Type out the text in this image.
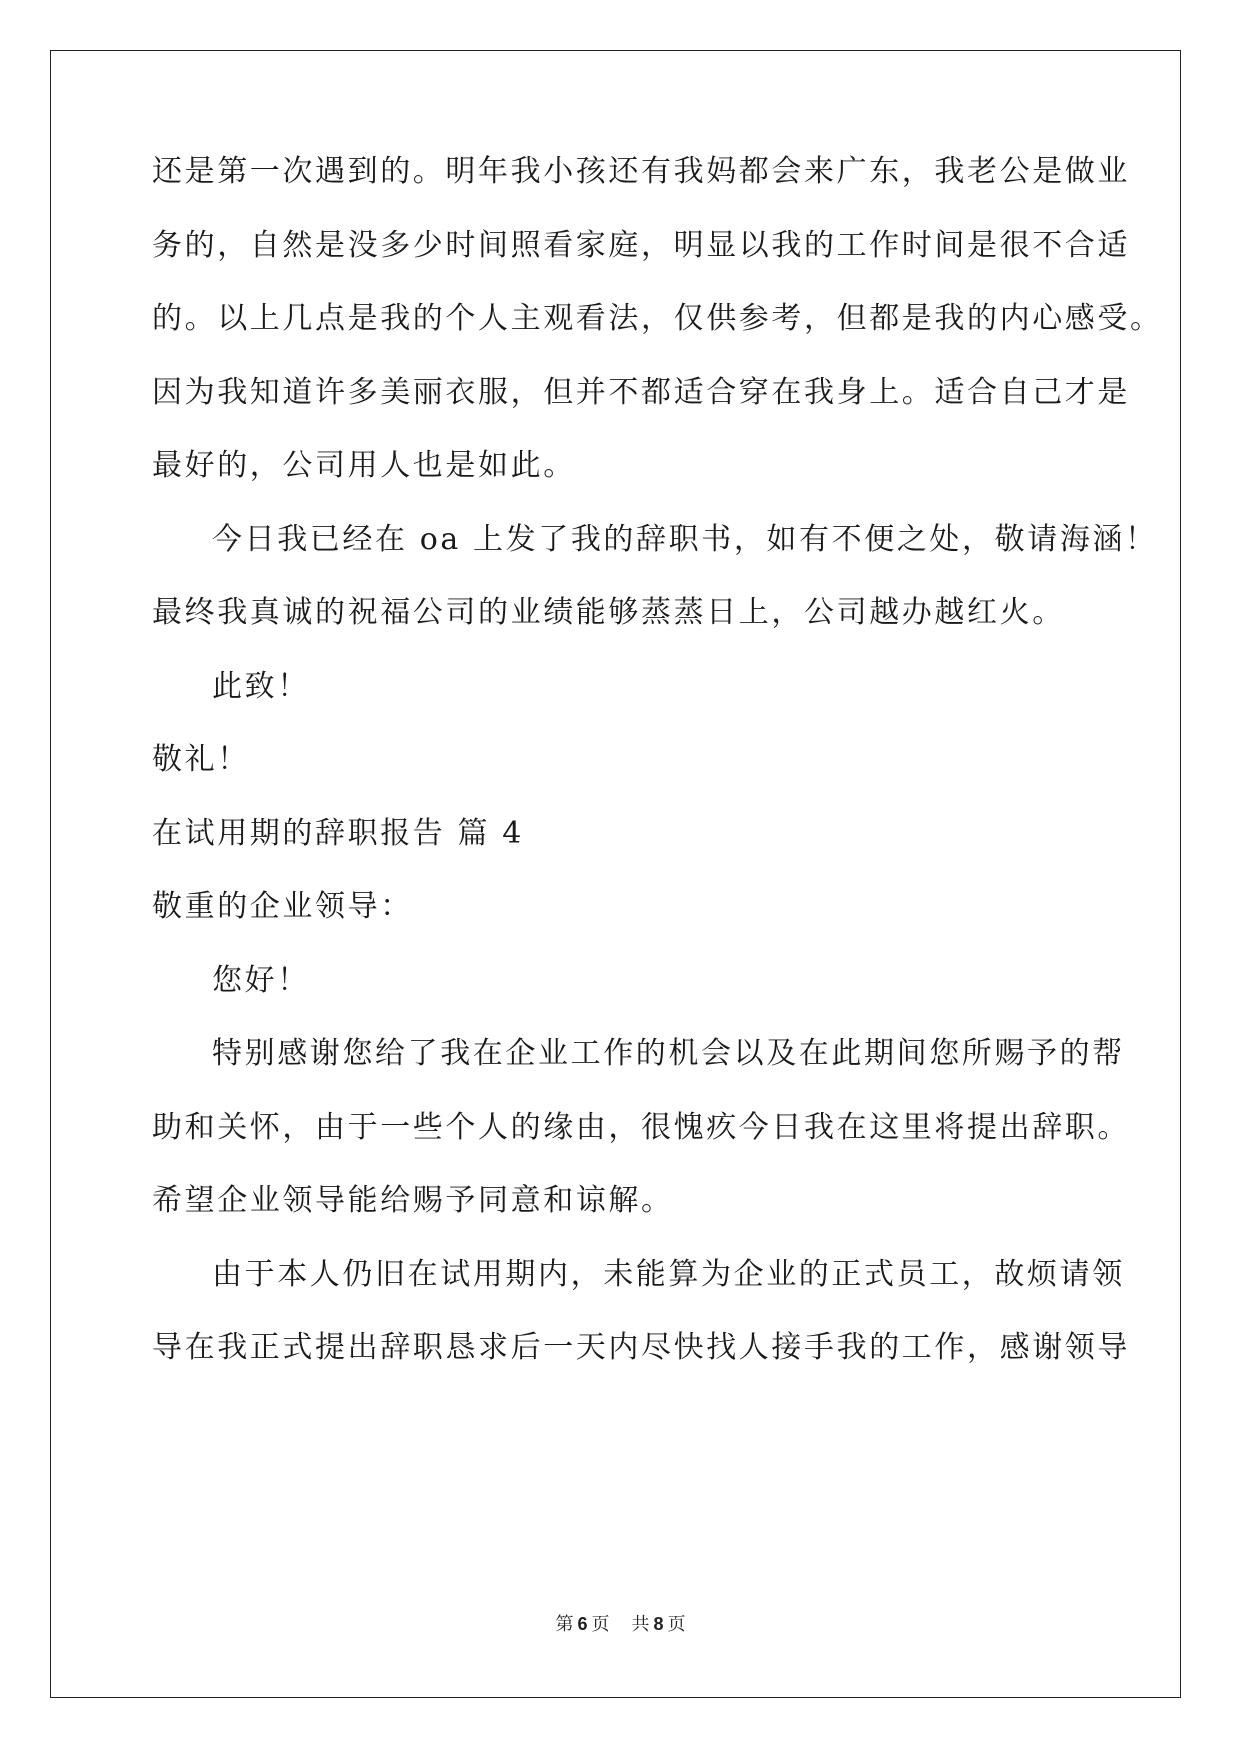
还是第一次遇到的。明年我小孩还有我妈都会来广东，我老公是做业
务的，自然是没多少时间照看家庭，明显以我的工作时间是很不合适
的。以上几点是我的个人主观看法，仅供参考，但都是我的内心感受。
因为我知道许多美丽衣服，但并不都适合穿在我身上。适合自己才是
最好的，公司用人也是如此。
今日我已经在 oa 上发了我的辞职书，如有不便之处，敬请海涵！
最终我真诚的祝福公司的业绩能够蒸蒸日上，公司越办越红火。
此致！
敬礼！
在试用期的辞职报告 篇 4
敬重的企业领导：
您好！
特别感谢您给了我在企业工作的机会以及在此期间您所赐予的帮
助和关怀，由于一些个人的缘由，很愧疚今日我在这里将提出辞职。
希望企业领导能给赐予同意和谅解。
由于本人仍旧在试用期内，未能算为企业的正式员工，故烦请领
导在我正式提出辞职恳求后一天内尽快找人接手我的工作，感谢领导
第 6 页 共 8 页
